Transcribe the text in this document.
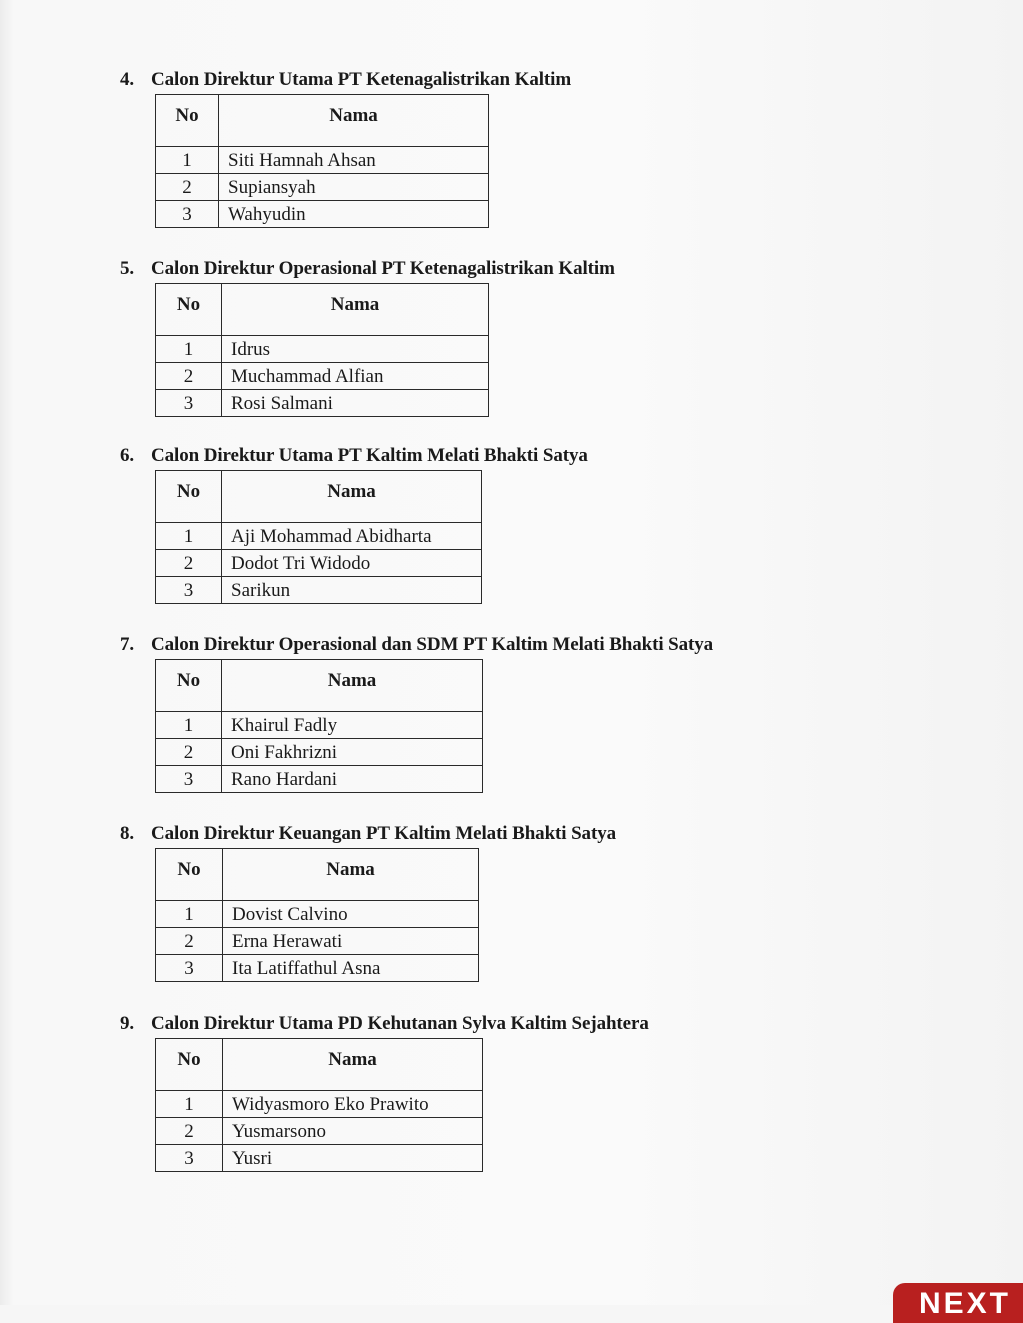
4. Calon Direktur Utama PT Ketenagalistrikan Kaltim
No	Nama
1	Siti Hamnah Ahsan
2	Supiansyah
3	Wahyudin
5. Calon Direktur Operasional PT Ketenagalistrikan Kaltim
No	Nama
1	Idrus
2	Muchammad Alfian
3	Rosi Salmani
6. Calon Direktur Utama PT Kaltim Melati Bhakti Satya
No	Nama
1	Aji Mohammad Abidharta
2	Dodot Tri Widodo
3	Sarikun
7. Calon Direktur Operasional dan SDM PT Kaltim Melati Bhakti Satya
No	Nama
1	Khairul Fadly
2	Oni Fakhrizni
3	Rano Hardani
8. Calon Direktur Keuangan PT Kaltim Melati Bhakti Satya
No	Nama
1	Dovist Calvino
2	Erna Herawati
3	Ita Latiffathul Asna
9. Calon Direktur Utama PD Kehutanan Sylva Kaltim Sejahtera
No	Nama
1	Widyasmoro Eko Prawito
2	Yusmarsono
3	Yusri
NEXT
